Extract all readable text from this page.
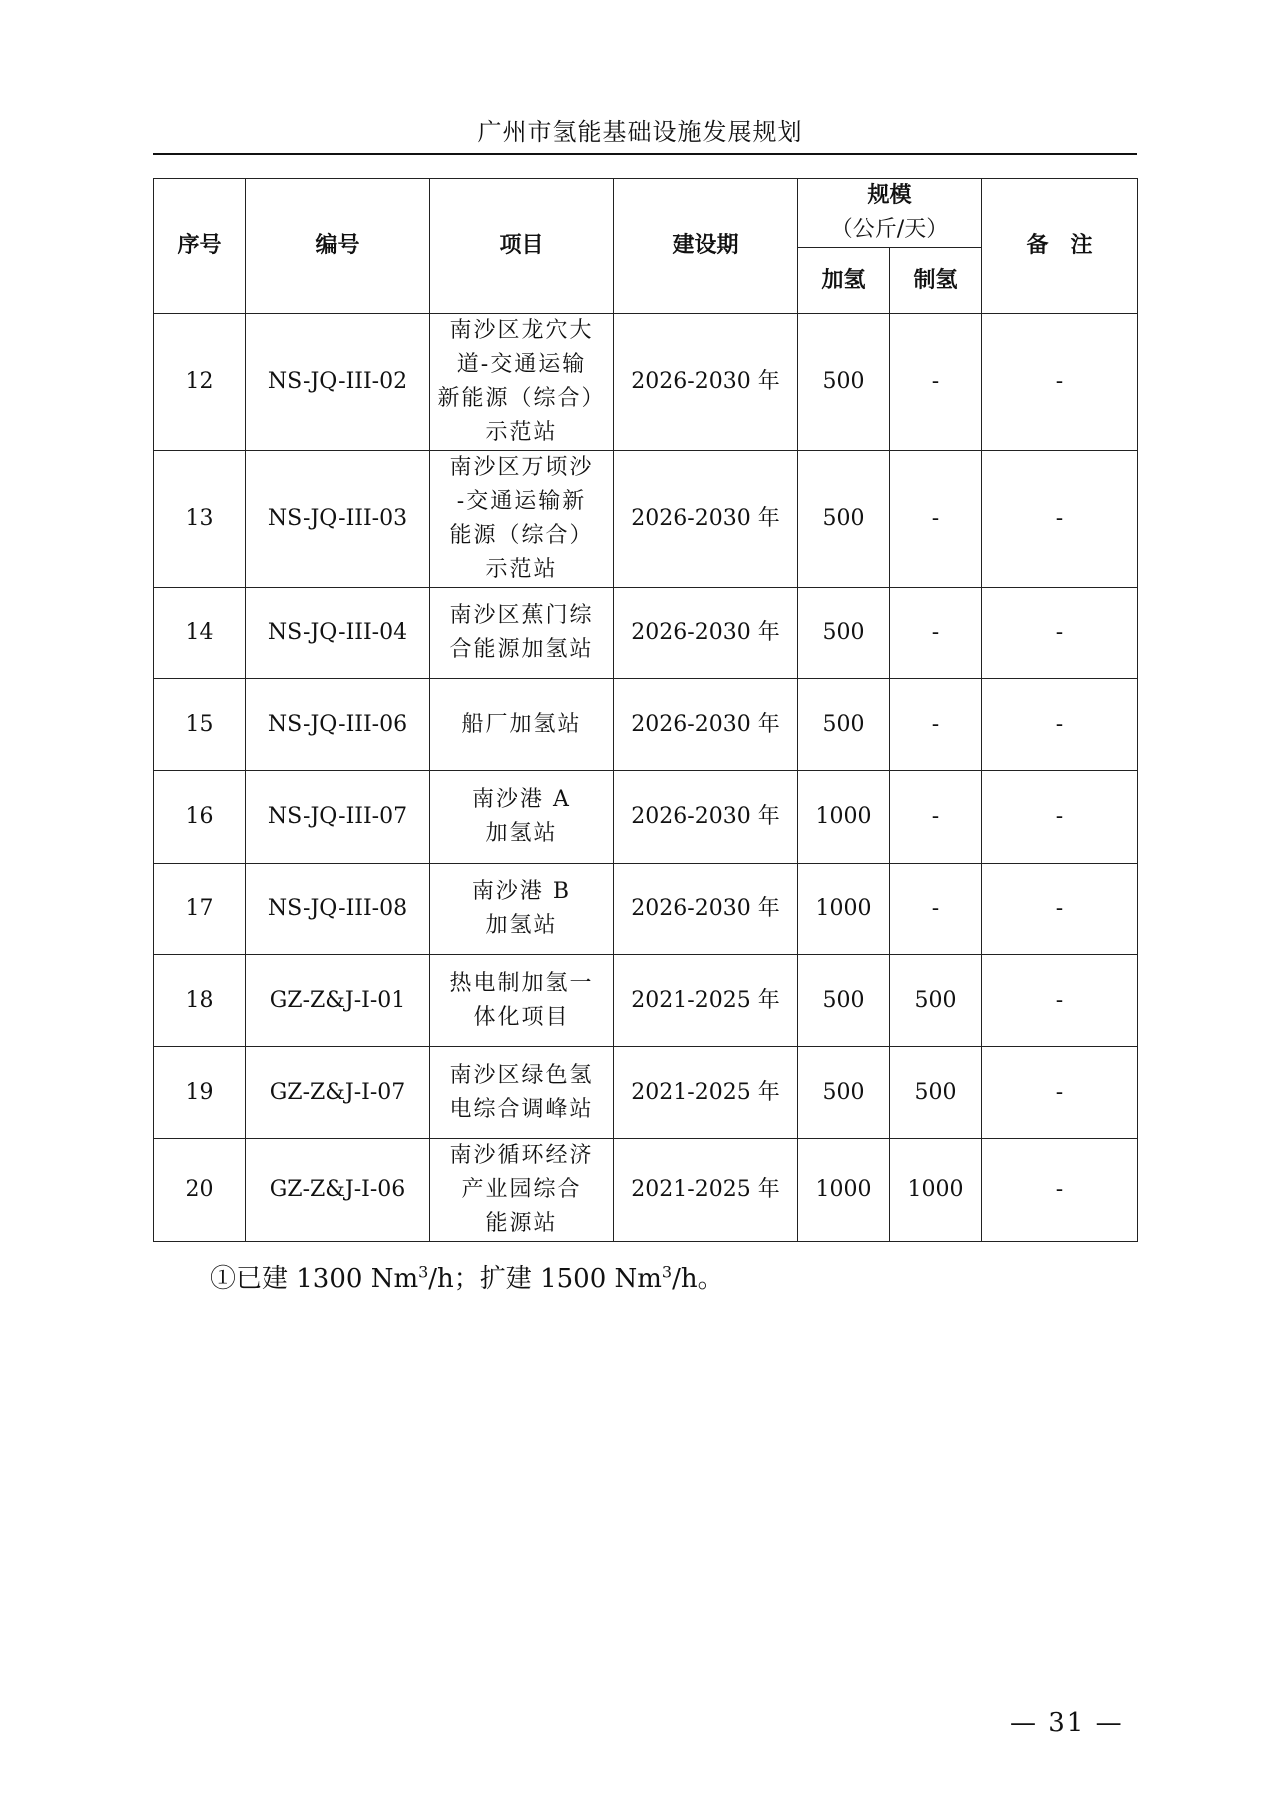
广州市氢能基础设施发展规划
序号	编号	项目	建设期	规模
（公斤/天）		备　注
				加氢	制氢	
12	NS-JQ-III-02	南沙区龙穴大
道-交通运输
新能源（综合）
示范站	2026-2030 年	500	-	-
13	NS-JQ-III-03	南沙区万顷沙
-交通运输新
能源（综合）
示范站	2026-2030 年	500	-	-
14	NS-JQ-III-04	南沙区蕉门综
合能源加氢站	2026-2030 年	500	-	-
15	NS-JQ-III-06	船厂加氢站	2026-2030 年	500	-	-
16	NS-JQ-III-07	南沙港 A
加氢站	2026-2030 年	1000	-	-
17	NS-JQ-III-08	南沙港 B
加氢站	2026-2030 年	1000	-	-
18	GZ-Z&J-I-01	热电制加氢一
体化项目	2021-2025 年	500	500	-
19	GZ-Z&J-I-07	南沙区绿色氢
电综合调峰站	2021-2025 年	500	500	-
20	GZ-Z&J-I-06	南沙循环经济
产业园综合
能源站	2021-2025 年	1000	1000	-
①已建 1300 Nm$^3$/h；扩建 1500 Nm$^3$/h。
— 31 —
